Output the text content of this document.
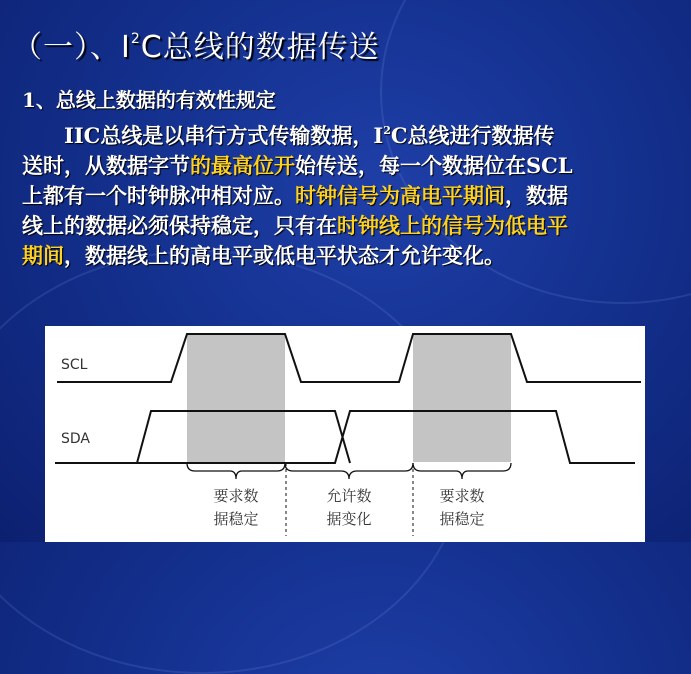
（一）、$I^2C$总线的数据传送
1、总线上数据的有效性规定
　　IIC总线是以串行方式传输数据，$I^2C$总线进行数据传
送时，从数据字节的最高位开始传送，每一个数据位在SCL
上都有一个时钟脉冲相对应。时钟信号为高电平期间，数据
线上的数据必须保持稳定，只有在时钟线上的信号为低电平
期间，数据线上的高电平或低电平状态才允许变化。
SCL
SDA
要求数
据稳定
允许数
据变化
要求数
据稳定
